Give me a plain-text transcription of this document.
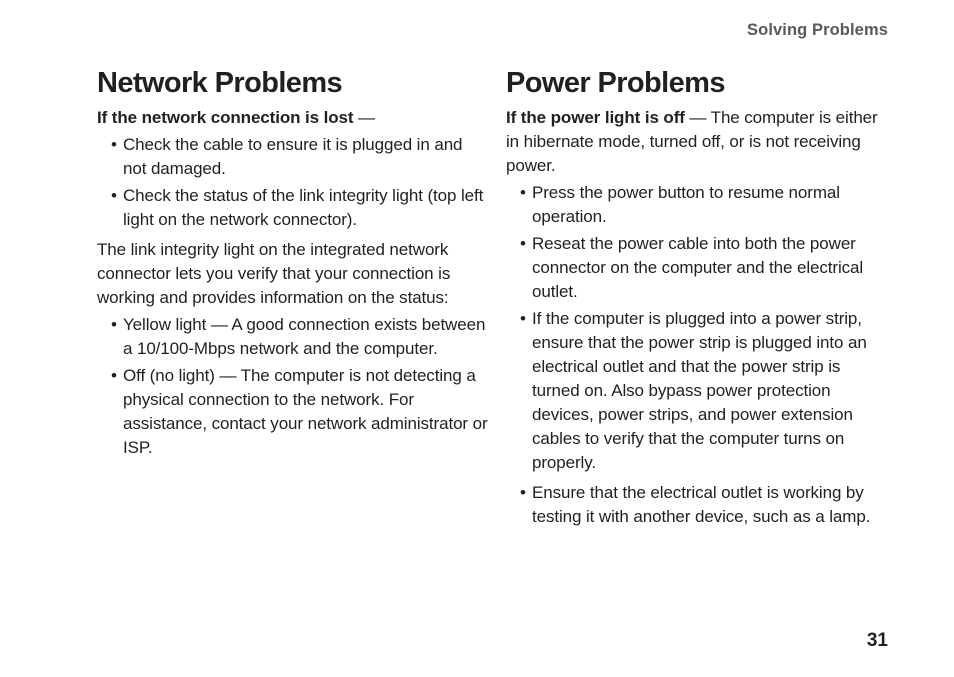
Solving Problems
Network Problems

If the network connection is lost —

• Check the cable to ensure it is plugged in and not damaged.
• Check the status of the link integrity light (top left light on the network connector).

The link integrity light on the integrated network connector lets you verify that your connection is working and provides information on the status:

• Yellow light — A good connection exists between a 10/100-Mbps network and the computer.
• Off (no light) — The computer is not detecting a physical connection to the network. For assistance, contact your network administrator or ISP.
Power Problems

If the power light is off — The computer is either in hibernate mode, turned off, or is not receiving power.

• Press the power button to resume normal operation.
• Reseat the power cable into both the power connector on the computer and the electrical outlet.
• If the computer is plugged into a power strip, ensure that the power strip is plugged into an electrical outlet and that the power strip is turned on. Also bypass power protection devices, power strips, and power extension cables to verify that the computer turns on properly.
• Ensure that the electrical outlet is working by testing it with another device, such as a lamp.
31
